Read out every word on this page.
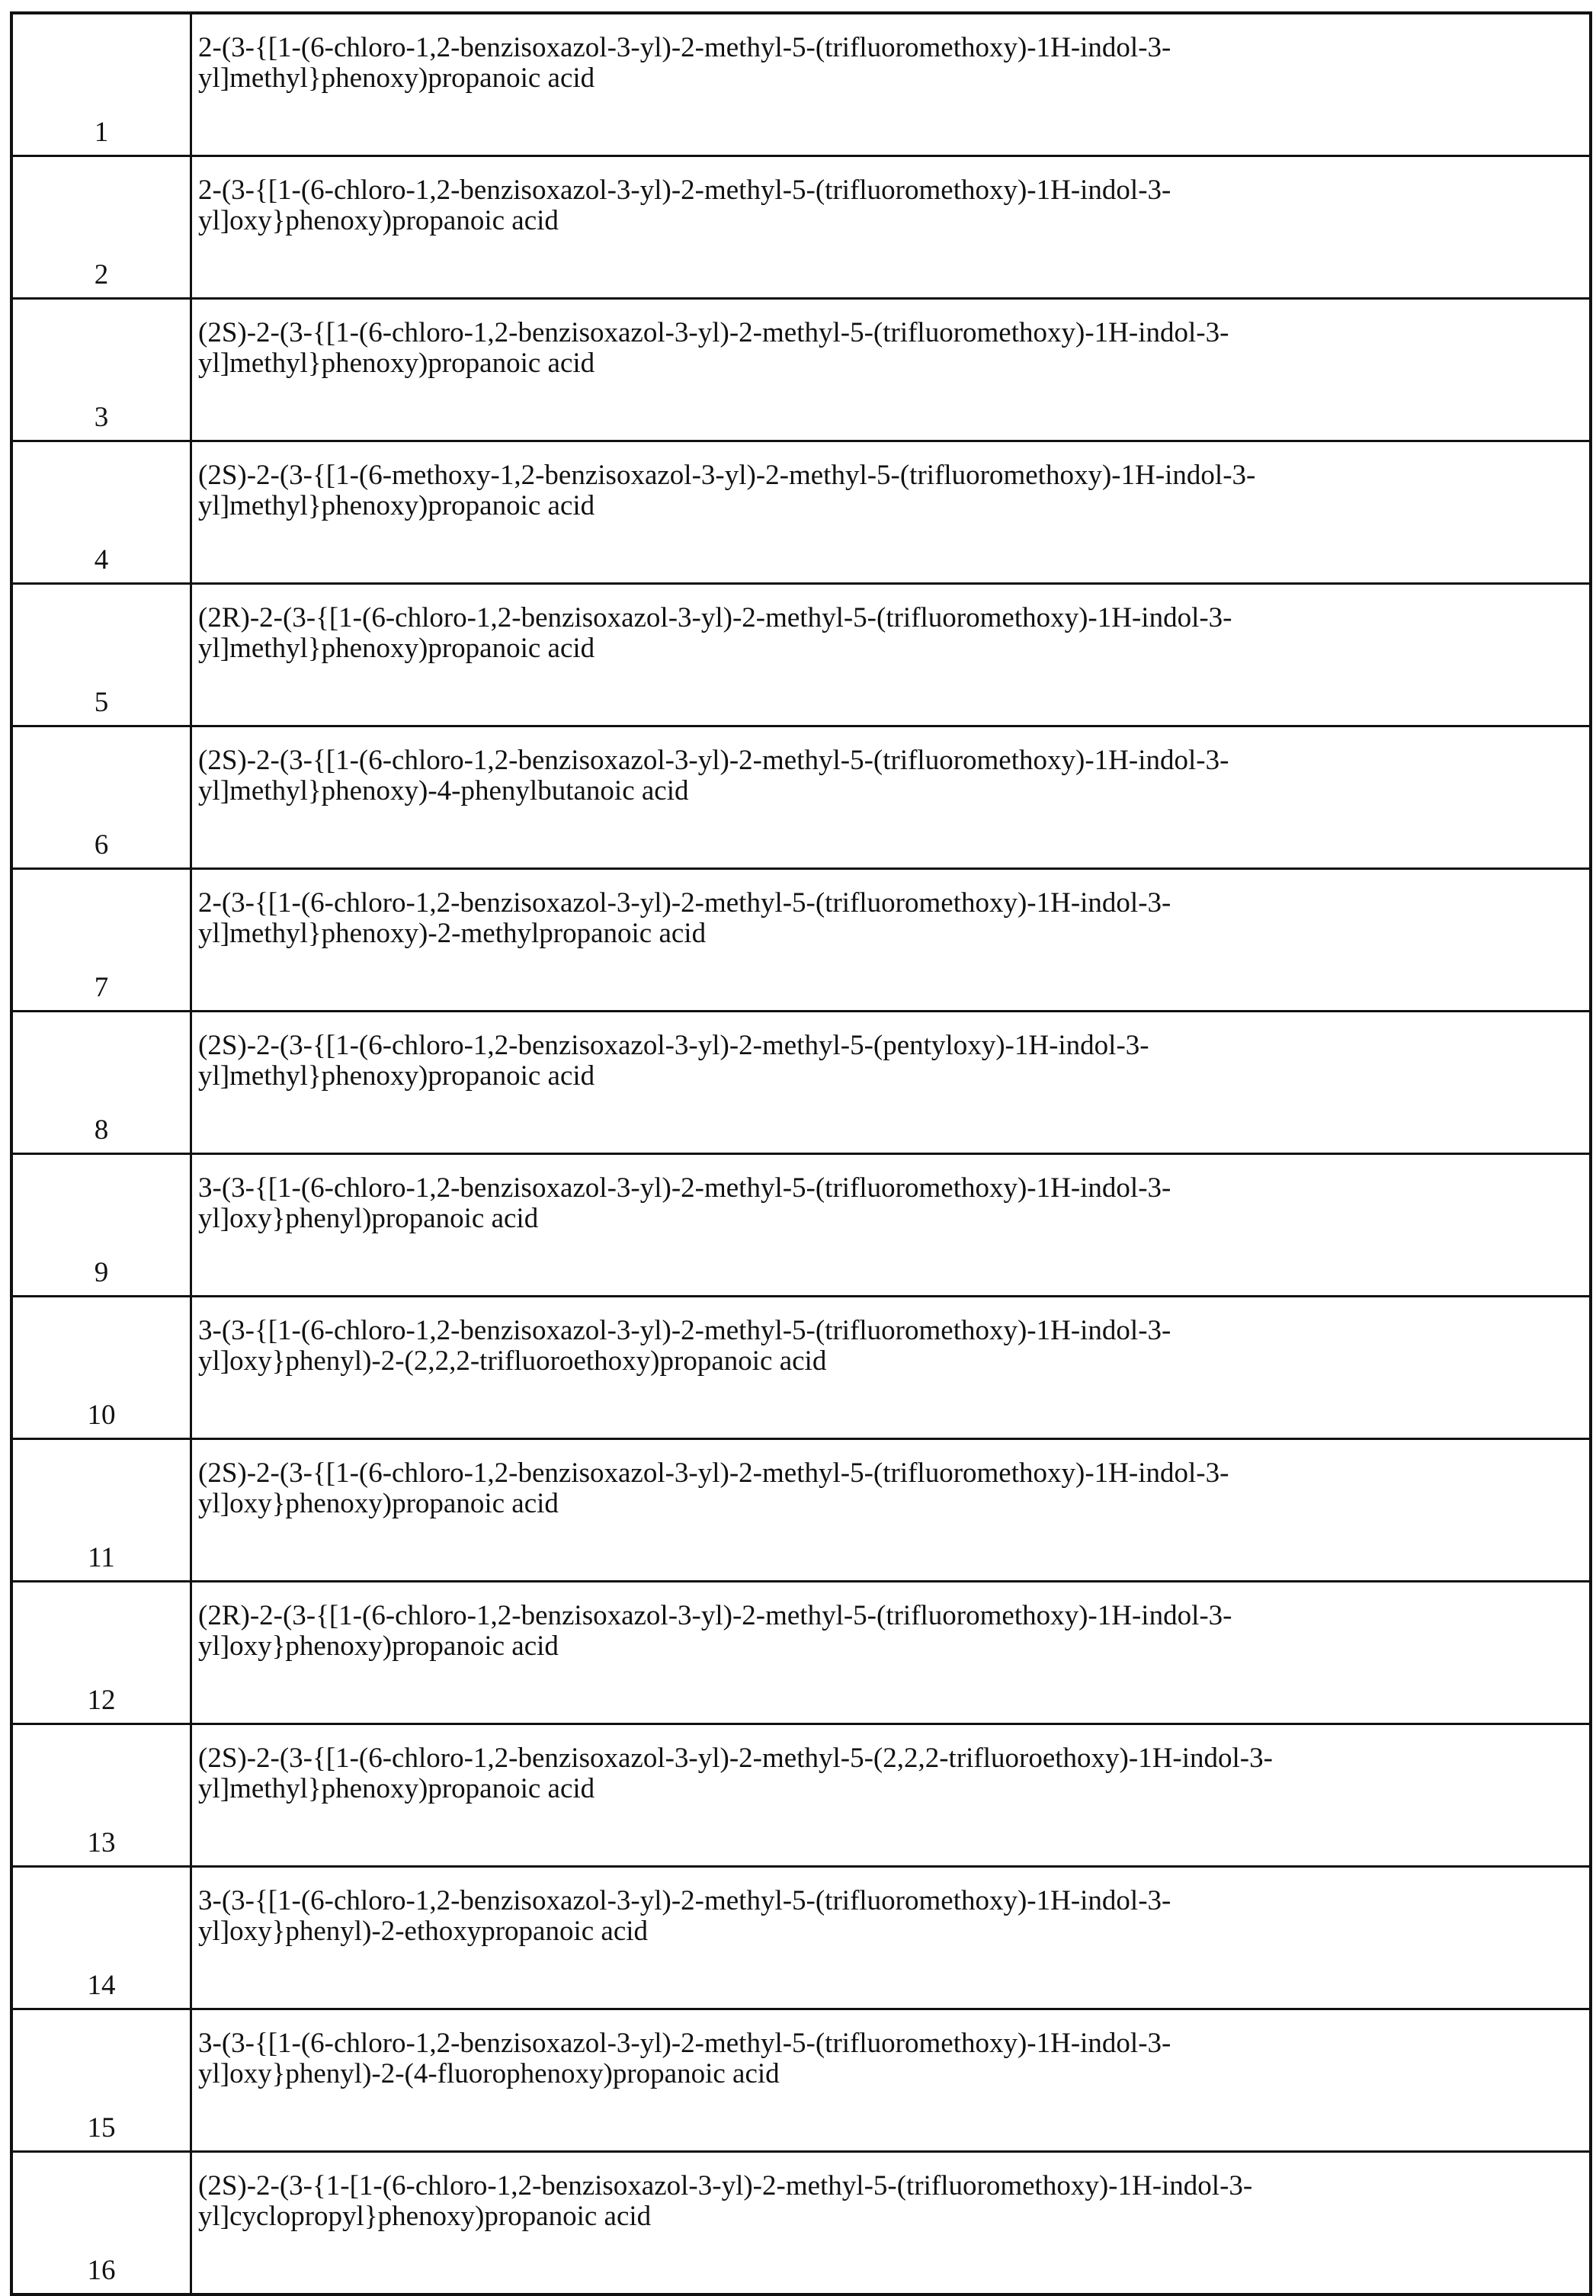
1	
2-(3-{[1-(6-chloro-1,2-benzisoxazol-3-yl)-2-methyl-5-(trifluoromethoxy)-1H-indol-3-
yl]methyl}phenoxy)propanoic acid

2	
2-(3-{[1-(6-chloro-1,2-benzisoxazol-3-yl)-2-methyl-5-(trifluoromethoxy)-1H-indol-3-
yl]oxy}phenoxy)propanoic acid

3	
(2S)-2-(3-{[1-(6-chloro-1,2-benzisoxazol-3-yl)-2-methyl-5-(trifluoromethoxy)-1H-indol-3-
yl]methyl}phenoxy)propanoic acid

4	
(2S)-2-(3-{[1-(6-methoxy-1,2-benzisoxazol-3-yl)-2-methyl-5-(trifluoromethoxy)-1H-indol-3-
yl]methyl}phenoxy)propanoic acid

5	
(2R)-2-(3-{[1-(6-chloro-1,2-benzisoxazol-3-yl)-2-methyl-5-(trifluoromethoxy)-1H-indol-3-
yl]methyl}phenoxy)propanoic acid

6	
(2S)-2-(3-{[1-(6-chloro-1,2-benzisoxazol-3-yl)-2-methyl-5-(trifluoromethoxy)-1H-indol-3-
yl]methyl}phenoxy)-4-phenylbutanoic acid

7	
2-(3-{[1-(6-chloro-1,2-benzisoxazol-3-yl)-2-methyl-5-(trifluoromethoxy)-1H-indol-3-
yl]methyl}phenoxy)-2-methylpropanoic acid

8	
(2S)-2-(3-{[1-(6-chloro-1,2-benzisoxazol-3-yl)-2-methyl-5-(pentyloxy)-1H-indol-3-
yl]methyl}phenoxy)propanoic acid

9	
3-(3-{[1-(6-chloro-1,2-benzisoxazol-3-yl)-2-methyl-5-(trifluoromethoxy)-1H-indol-3-
yl]oxy}phenyl)propanoic acid

10	
3-(3-{[1-(6-chloro-1,2-benzisoxazol-3-yl)-2-methyl-5-(trifluoromethoxy)-1H-indol-3-
yl]oxy}phenyl)-2-(2,2,2-trifluoroethoxy)propanoic acid

11	
(2S)-2-(3-{[1-(6-chloro-1,2-benzisoxazol-3-yl)-2-methyl-5-(trifluoromethoxy)-1H-indol-3-
yl]oxy}phenoxy)propanoic acid

12	
(2R)-2-(3-{[1-(6-chloro-1,2-benzisoxazol-3-yl)-2-methyl-5-(trifluoromethoxy)-1H-indol-3-
yl]oxy}phenoxy)propanoic acid

13	
(2S)-2-(3-{[1-(6-chloro-1,2-benzisoxazol-3-yl)-2-methyl-5-(2,2,2-trifluoroethoxy)-1H-indol-3-
yl]methyl}phenoxy)propanoic acid

14	
3-(3-{[1-(6-chloro-1,2-benzisoxazol-3-yl)-2-methyl-5-(trifluoromethoxy)-1H-indol-3-
yl]oxy}phenyl)-2-ethoxypropanoic acid

15	
3-(3-{[1-(6-chloro-1,2-benzisoxazol-3-yl)-2-methyl-5-(trifluoromethoxy)-1H-indol-3-
yl]oxy}phenyl)-2-(4-fluorophenoxy)propanoic acid

16	
(2S)-2-(3-{1-[1-(6-chloro-1,2-benzisoxazol-3-yl)-2-methyl-5-(trifluoromethoxy)-1H-indol-3-
yl]cyclopropyl}phenoxy)propanoic acid
